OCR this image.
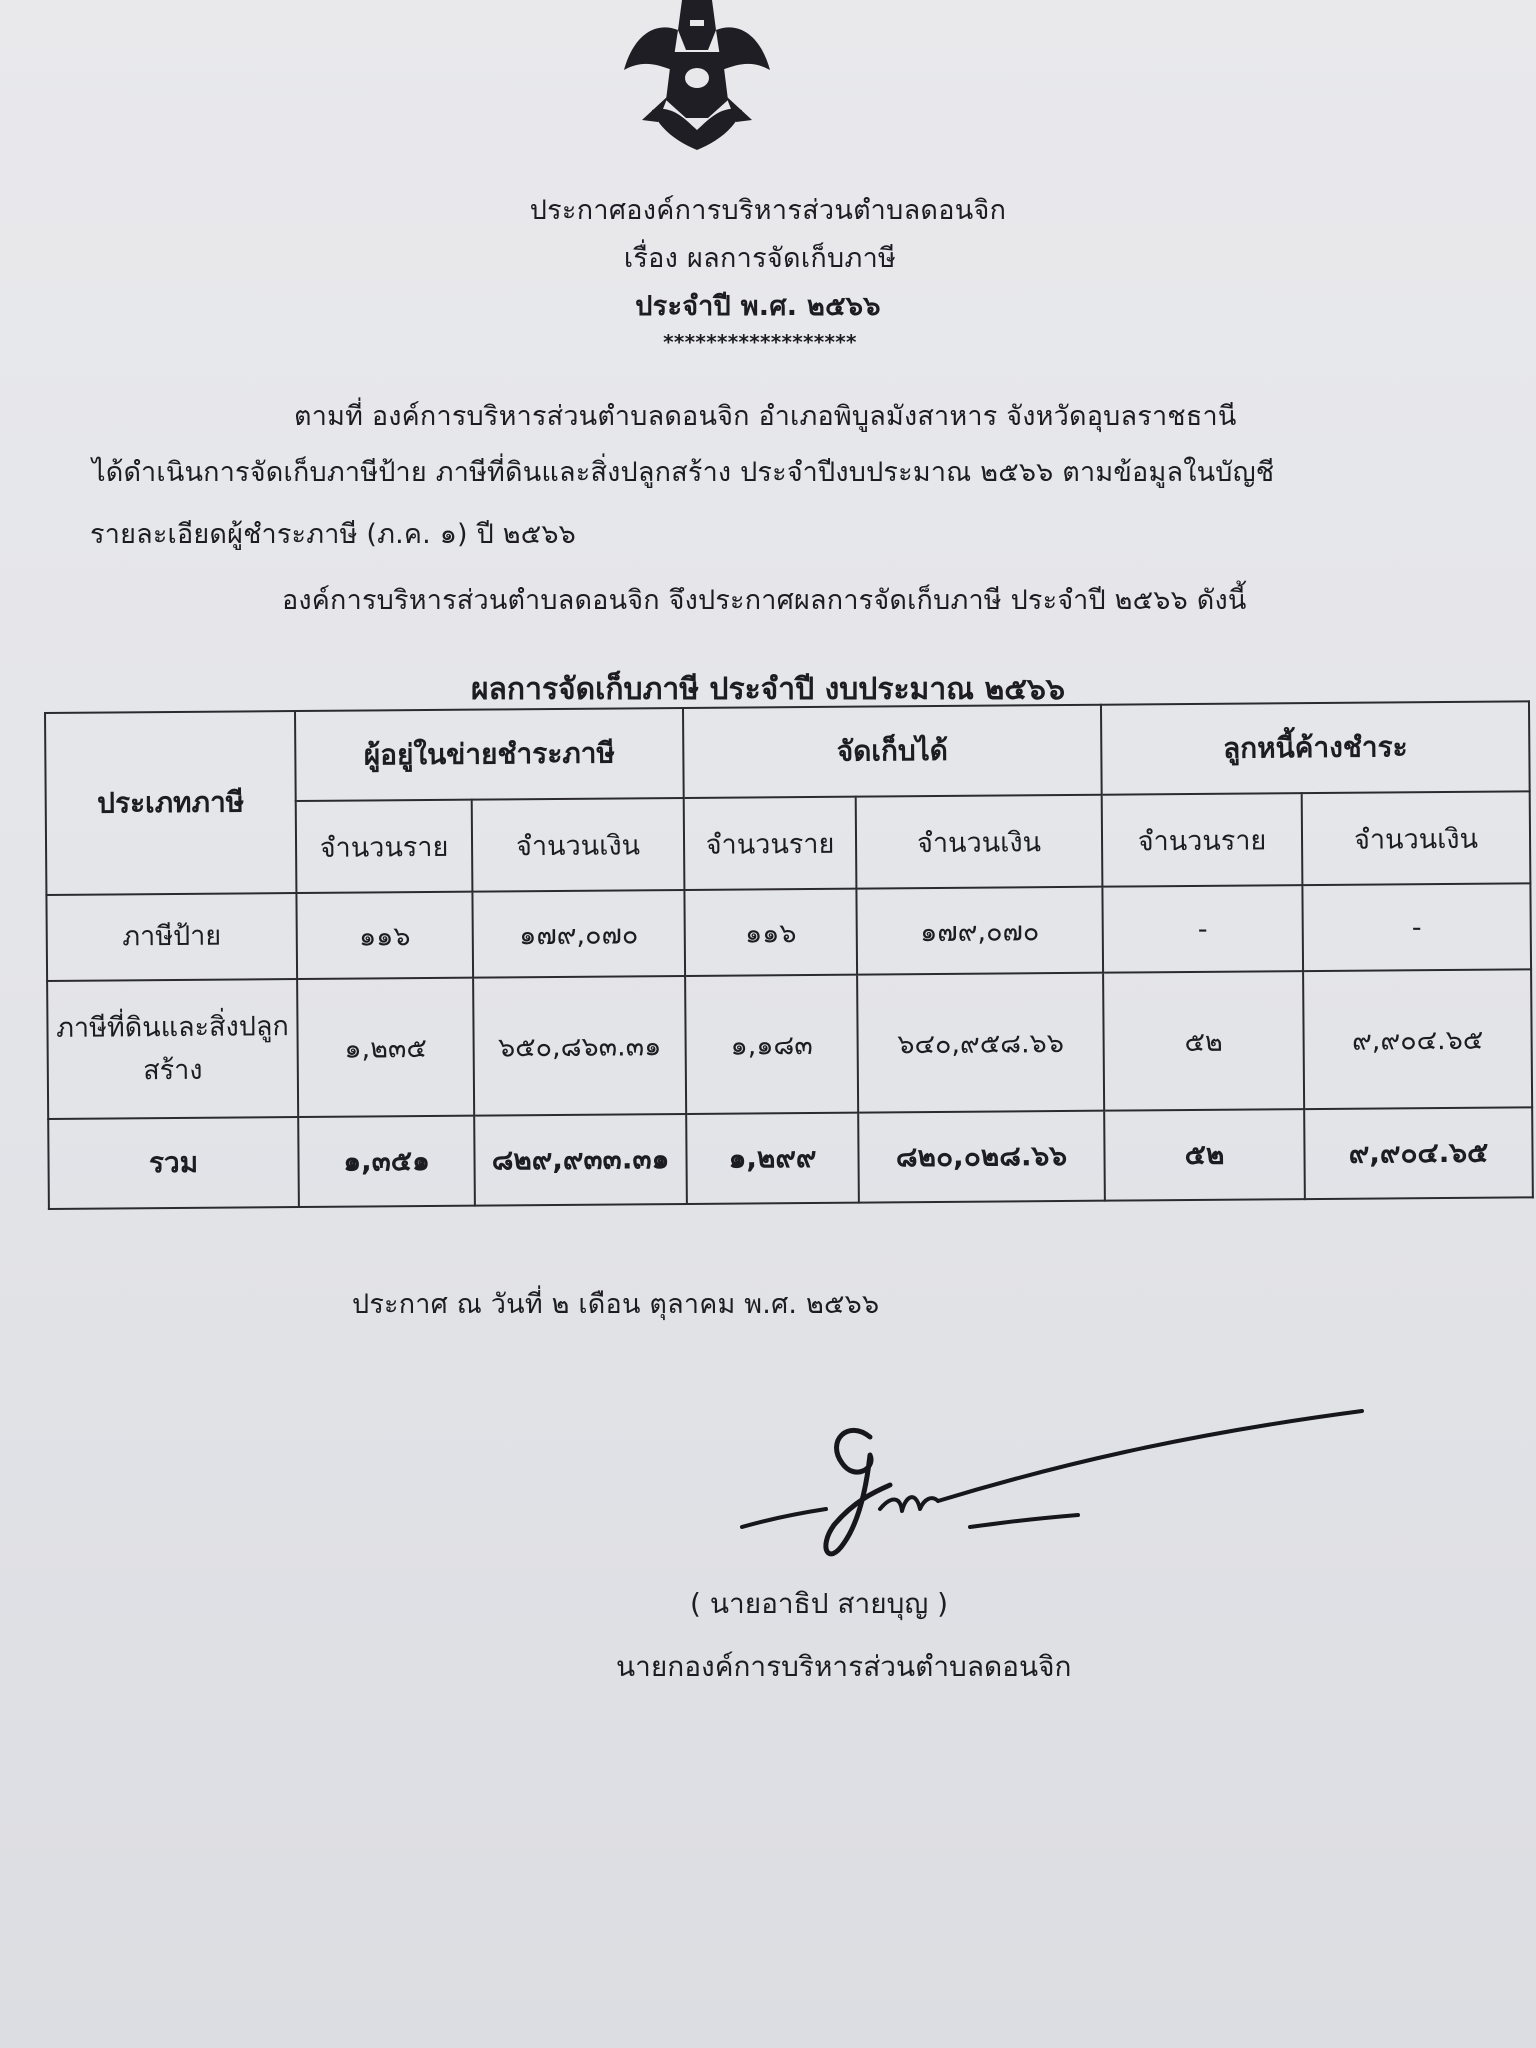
ประกาศองค์การบริหารส่วนตำบลดอนจิก
เรื่อง ผลการจัดเก็บภาษี
ประจำปี พ.ศ. ๒๕๖๖
******************
ตามที่ องค์การบริหารส่วนตำบลดอนจิก อำเภอพิบูลมังสาหาร จังหวัดอุบลราชธานี
ได้ดำเนินการจัดเก็บภาษีป้าย ภาษีที่ดินและสิ่งปลูกสร้าง ประจำปีงบประมาณ ๒๕๖๖ ตามข้อมูลในบัญชี
รายละเอียดผู้ชำระภาษี (ภ.ค. ๑) ปี ๒๕๖๖
องค์การบริหารส่วนตำบลดอนจิก จึงประกาศผลการจัดเก็บภาษี ประจำปี ๒๕๖๖ ดังนี้
ผลการจัดเก็บภาษี ประจำปี งบประมาณ ๒๕๖๖
ประเภทภาษี	ผู้อยู่ในข่ายชำระภาษี		จัดเก็บได้		ลูกหนี้ค้างชำระ	
	จำนวนราย	จำนวนเงิน	จำนวนราย	จำนวนเงิน	จำนวนราย	จำนวนเงิน
ภาษีป้าย	๑๑๖	๑๗๙,๐๗๐	๑๑๖	๑๗๙,๐๗๐	-	-
ภาษีที่ดินและสิ่งปลูกสร้าง	๑,๒๓๕	๖๕๐,๘๖๓.๓๑	๑,๑๘๓	๖๔๐,๙๕๘.๖๖	๕๒	๙,๙๐๔.๖๕
รวม	๑,๓๕๑	๘๒๙,๙๓๓.๓๑	๑,๒๙๙	๘๒๐,๐๒๘.๖๖	๕๒	๙,๙๐๔.๖๕
ประกาศ ณ วันที่ ๒ เดือน ตุลาคม พ.ศ. ๒๕๖๖
( นายอาธิป สายบุญ )
นายกองค์การบริหารส่วนตำบลดอนจิก
